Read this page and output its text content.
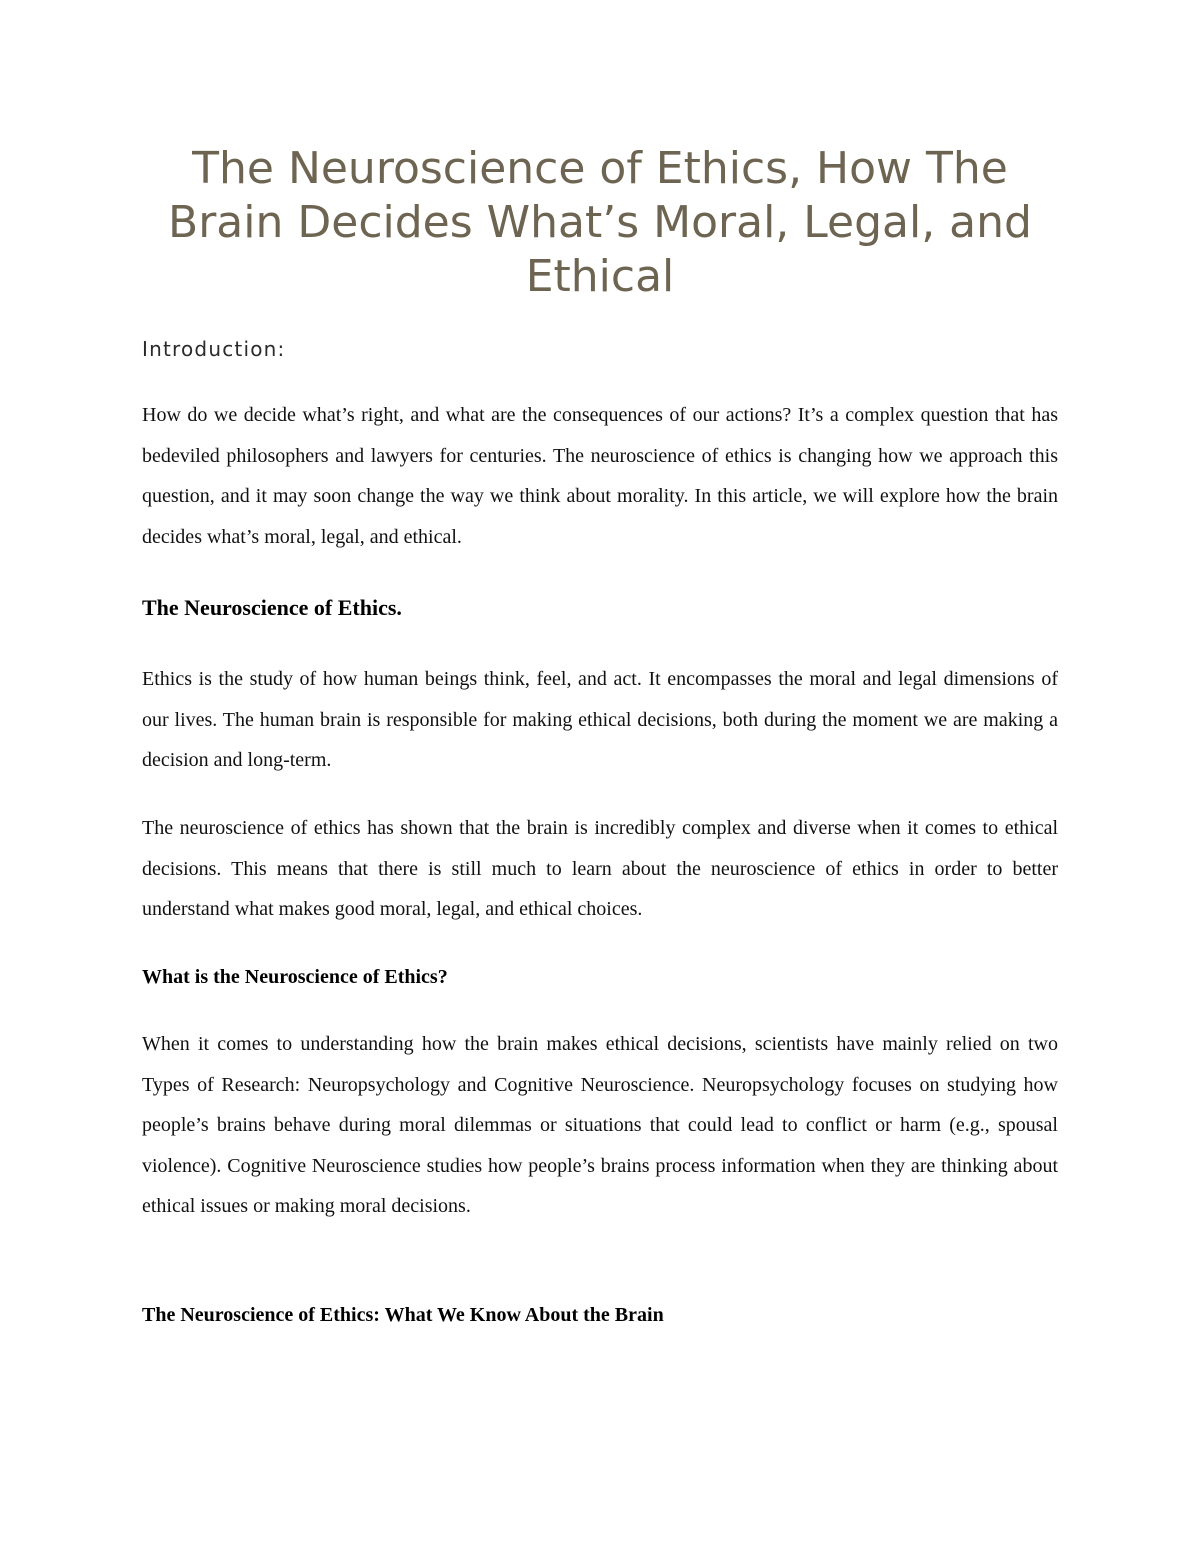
The Neuroscience of Ethics, How The Brain Decides What’s Moral, Legal, and Ethical

Introduction:

How do we decide what’s right, and what are the consequences of our actions? It’s a complex question that has bedeviled philosophers and lawyers for centuries. The neuroscience of ethics is changing how we approach this question, and it may soon change the way we think about morality. In this article, we will explore how the brain decides what’s moral, legal, and ethical.

The Neuroscience of Ethics.

Ethics is the study of how human beings think, feel, and act. It encompasses the moral and legal dimensions of our lives. The human brain is responsible for making ethical decisions, both during the moment we are making a decision and long-term.

The neuroscience of ethics has shown that the brain is incredibly complex and diverse when it comes to ethical decisions. This means that there is still much to learn about the neuroscience of ethics in order to better understand what makes good moral, legal, and ethical choices.

What is the Neuroscience of Ethics?

When it comes to understanding how the brain makes ethical decisions, scientists have mainly relied on two Types of Research: Neuropsychology and Cognitive Neuroscience. Neuropsychology focuses on studying how people’s brains behave during moral dilemmas or situations that could lead to conflict or harm (e.g., spousal violence). Cognitive Neuroscience studies how people’s brains process information when they are thinking about ethical issues or making moral decisions.

The Neuroscience of Ethics: What We Know About the Brain
